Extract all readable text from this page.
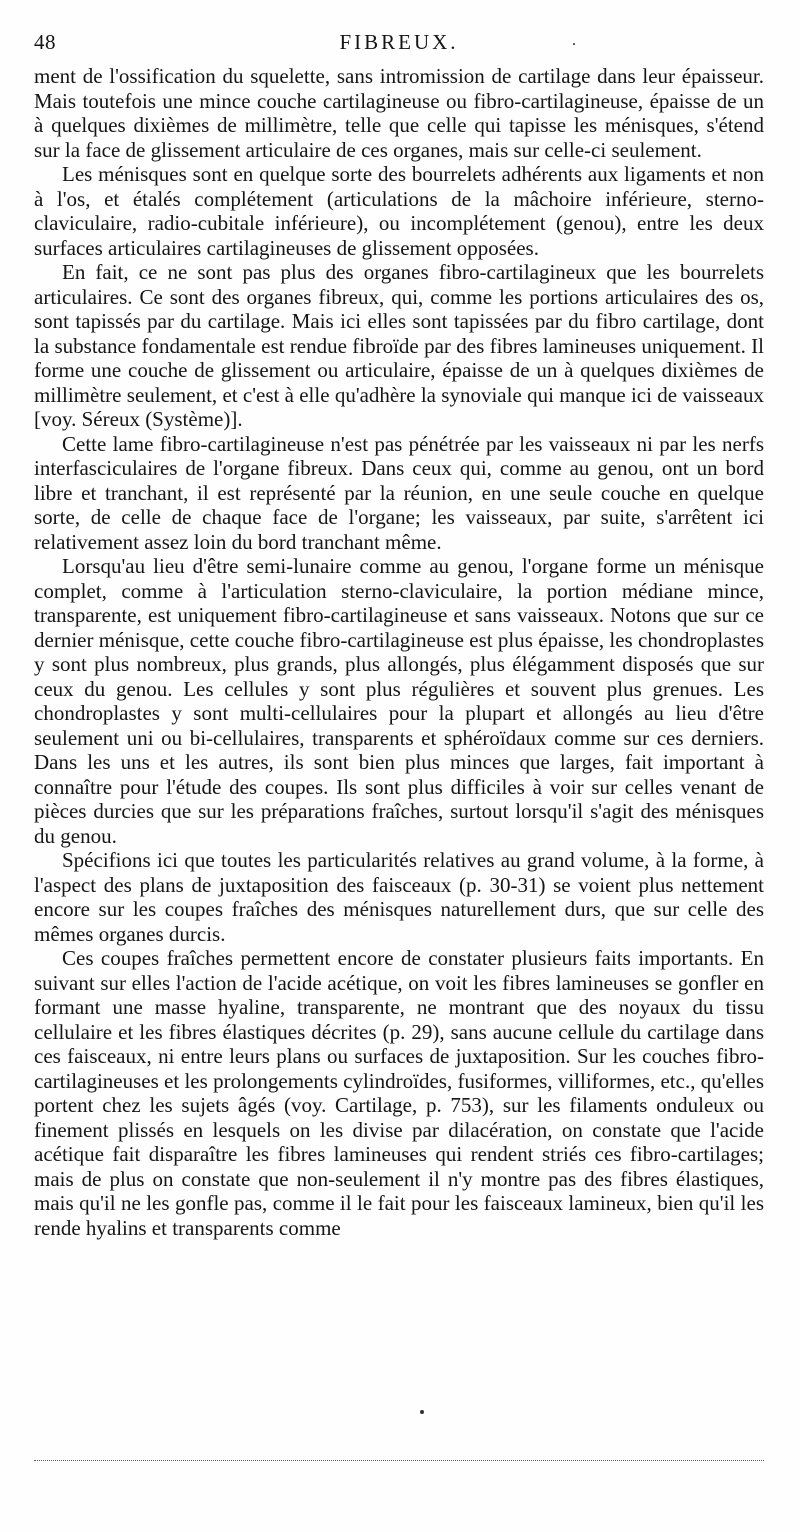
48	FIBREUX.	.

ment de l'ossification du squelette, sans intromission de cartilage dans leur épaisseur. Mais toutefois une mince couche cartilagineuse ou fibro-cartilagineuse, épaisse de un à quelques dixièmes de millimètre, telle que celle qui tapisse les ménisques, s'étend sur la face de glissement articulaire de ces organes, mais sur celle-ci seulement.

Les ménisques sont en quelque sorte des bourrelets adhérents aux ligaments et non à l'os, et étalés complétement (articulations de la mâchoire inférieure, sterno-claviculaire, radio-cubitale inférieure), ou incomplétement (genou), entre les deux surfaces articulaires cartilagineuses de glissement opposées.

En fait, ce ne sont pas plus des organes fibro-cartilagineux que les bourrelets articulaires. Ce sont des organes fibreux, qui, comme les portions articulaires des os, sont tapissés par du cartilage. Mais ici elles sont tapissées par du fibro cartilage, dont la substance fondamentale est rendue fibroïde par des fibres lamineuses uniquement. Il forme une couche de glissement ou articulaire, épaisse de un à quelques dixièmes de millimètre seulement, et c'est à elle qu'adhère la synoviale qui manque ici de vaisseaux [voy. Séreux (Système)].

Cette lame fibro-cartilagineuse n'est pas pénétrée par les vaisseaux ni par les nerfs interfasciculaires de l'organe fibreux. Dans ceux qui, comme au genou, ont un bord libre et tranchant, il est représenté par la réunion, en une seule couche en quelque sorte, de celle de chaque face de l'organe; les vaisseaux, par suite, s'arrêtent ici relativement assez loin du bord tranchant même.

Lorsqu'au lieu d'être semi-lunaire comme au genou, l'organe forme un ménisque complet, comme à l'articulation sterno-claviculaire, la portion médiane mince, transparente, est uniquement fibro-cartilagineuse et sans vaisseaux. Notons que sur ce dernier ménisque, cette couche fibro-cartilagineuse est plus épaisse, les chondroplastes y sont plus nombreux, plus grands, plus allongés, plus élégamment disposés que sur ceux du genou. Les cellules y sont plus régulières et souvent plus grenues. Les chondroplastes y sont multi-cellulaires pour la plupart et allongés au lieu d'être seulement uni ou bi-cellulaires, transparents et sphéroïdaux comme sur ces derniers. Dans les uns et les autres, ils sont bien plus minces que larges, fait important à connaître pour l'étude des coupes. Ils sont plus difficiles à voir sur celles venant de pièces durcies que sur les préparations fraîches, surtout lorsqu'il s'agit des ménisques du genou.

Spécifions ici que toutes les particularités relatives au grand volume, à la forme, à l'aspect des plans de juxtaposition des faisceaux (p. 30-31) se voient plus nettement encore sur les coupes fraîches des ménisques naturellement durs, que sur celle des mêmes organes durcis.

Ces coupes fraîches permettent encore de constater plusieurs faits importants. En suivant sur elles l'action de l'acide acétique, on voit les fibres lamineuses se gonfler en formant une masse hyaline, transparente, ne montrant que des noyaux du tissu cellulaire et les fibres élastiques décrites (p. 29), sans aucune cellule du cartilage dans ces faisceaux, ni entre leurs plans ou surfaces de juxtaposition. Sur les couches fibro-cartilagineuses et les prolongements cylindroïdes, fusiformes, villiformes, etc., qu'elles portent chez les sujets âgés (voy. Cartilage, p. 753), sur les filaments onduleux ou finement plissés en lesquels on les divise par dilacération, on constate que l'acide acétique fait disparaître les fibres lamineuses qui rendent striés ces fibro-cartilages; mais de plus on constate que non-seulement il n'y montre pas des fibres élastiques, mais qu'il ne les gonfle pas, comme il le fait pour les faisceaux lamineux, bien qu'il les rende hyalins et transparents comme
